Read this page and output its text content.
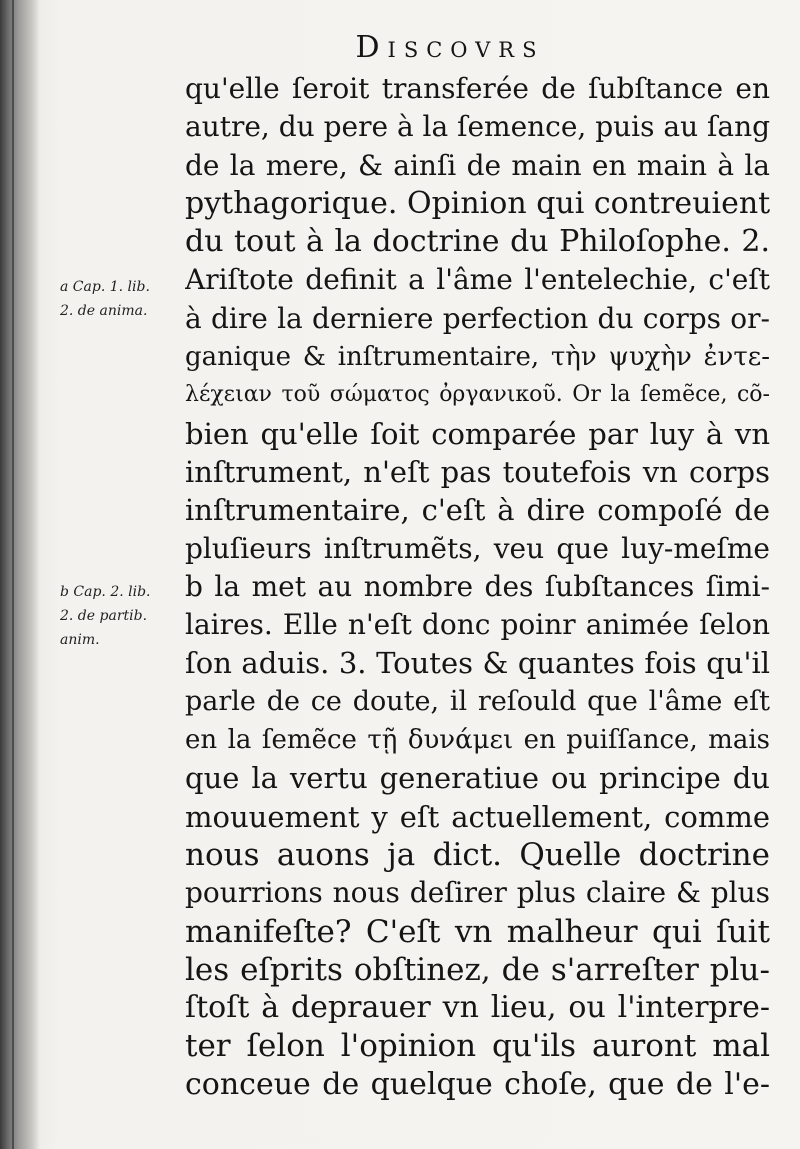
Discovrs
a Cap. 1. lib.
2. de anima.
b Cap. 2. lib.
2. de partib.
anim.
qu'elle ſeroit transferée de ſubſtance en
autre, du pere à la ſemence, puis au ſang
de la mere, & ainſi de main en main à la
pythagorique. Opinion qui contreuient
du tout à la doctrine du Philoſophe. 2.
Ariſtote definit a l'âme l'entelechie, c'eſt
à dire la derniere perfection du corps or-
ganique & inſtrumentaire, τὴν ψυχὴν ἐντε-
λέχειαν τοῦ σώματος ὀργανικοῦ. Or la ſemẽce, cõ-
bien qu'elle ſoit comparée par luy à vn
inſtrument, n'eſt pas toutefois vn corps
inſtrumentaire, c'eſt à dire compoſé de
pluſieurs inſtrumẽts, veu que luy-meſme
b la met au nombre des ſubſtances ſimi-
laires. Elle n'eſt donc poinr animée ſelon
ſon aduis. 3. Toutes & quantes fois qu'il
parle de ce doute, il reſould que l'âme eſt
en la ſemẽce τῇ δυνάμει en puiſſance, mais
que la vertu generatiue ou principe du
mouuement y eſt actuellement, comme
nous auons ja dict. Quelle doctrine
pourrions nous deſirer plus claire & plus
manifeſte? C'eſt vn malheur qui ſuit
les eſprits obſtinez, de s'arreſter plu-
ſtoſt à deprauer vn lieu, ou l'interpre-
ter ſelon l'opinion qu'ils auront mal
conceue de quelque choſe, que de l'e-
